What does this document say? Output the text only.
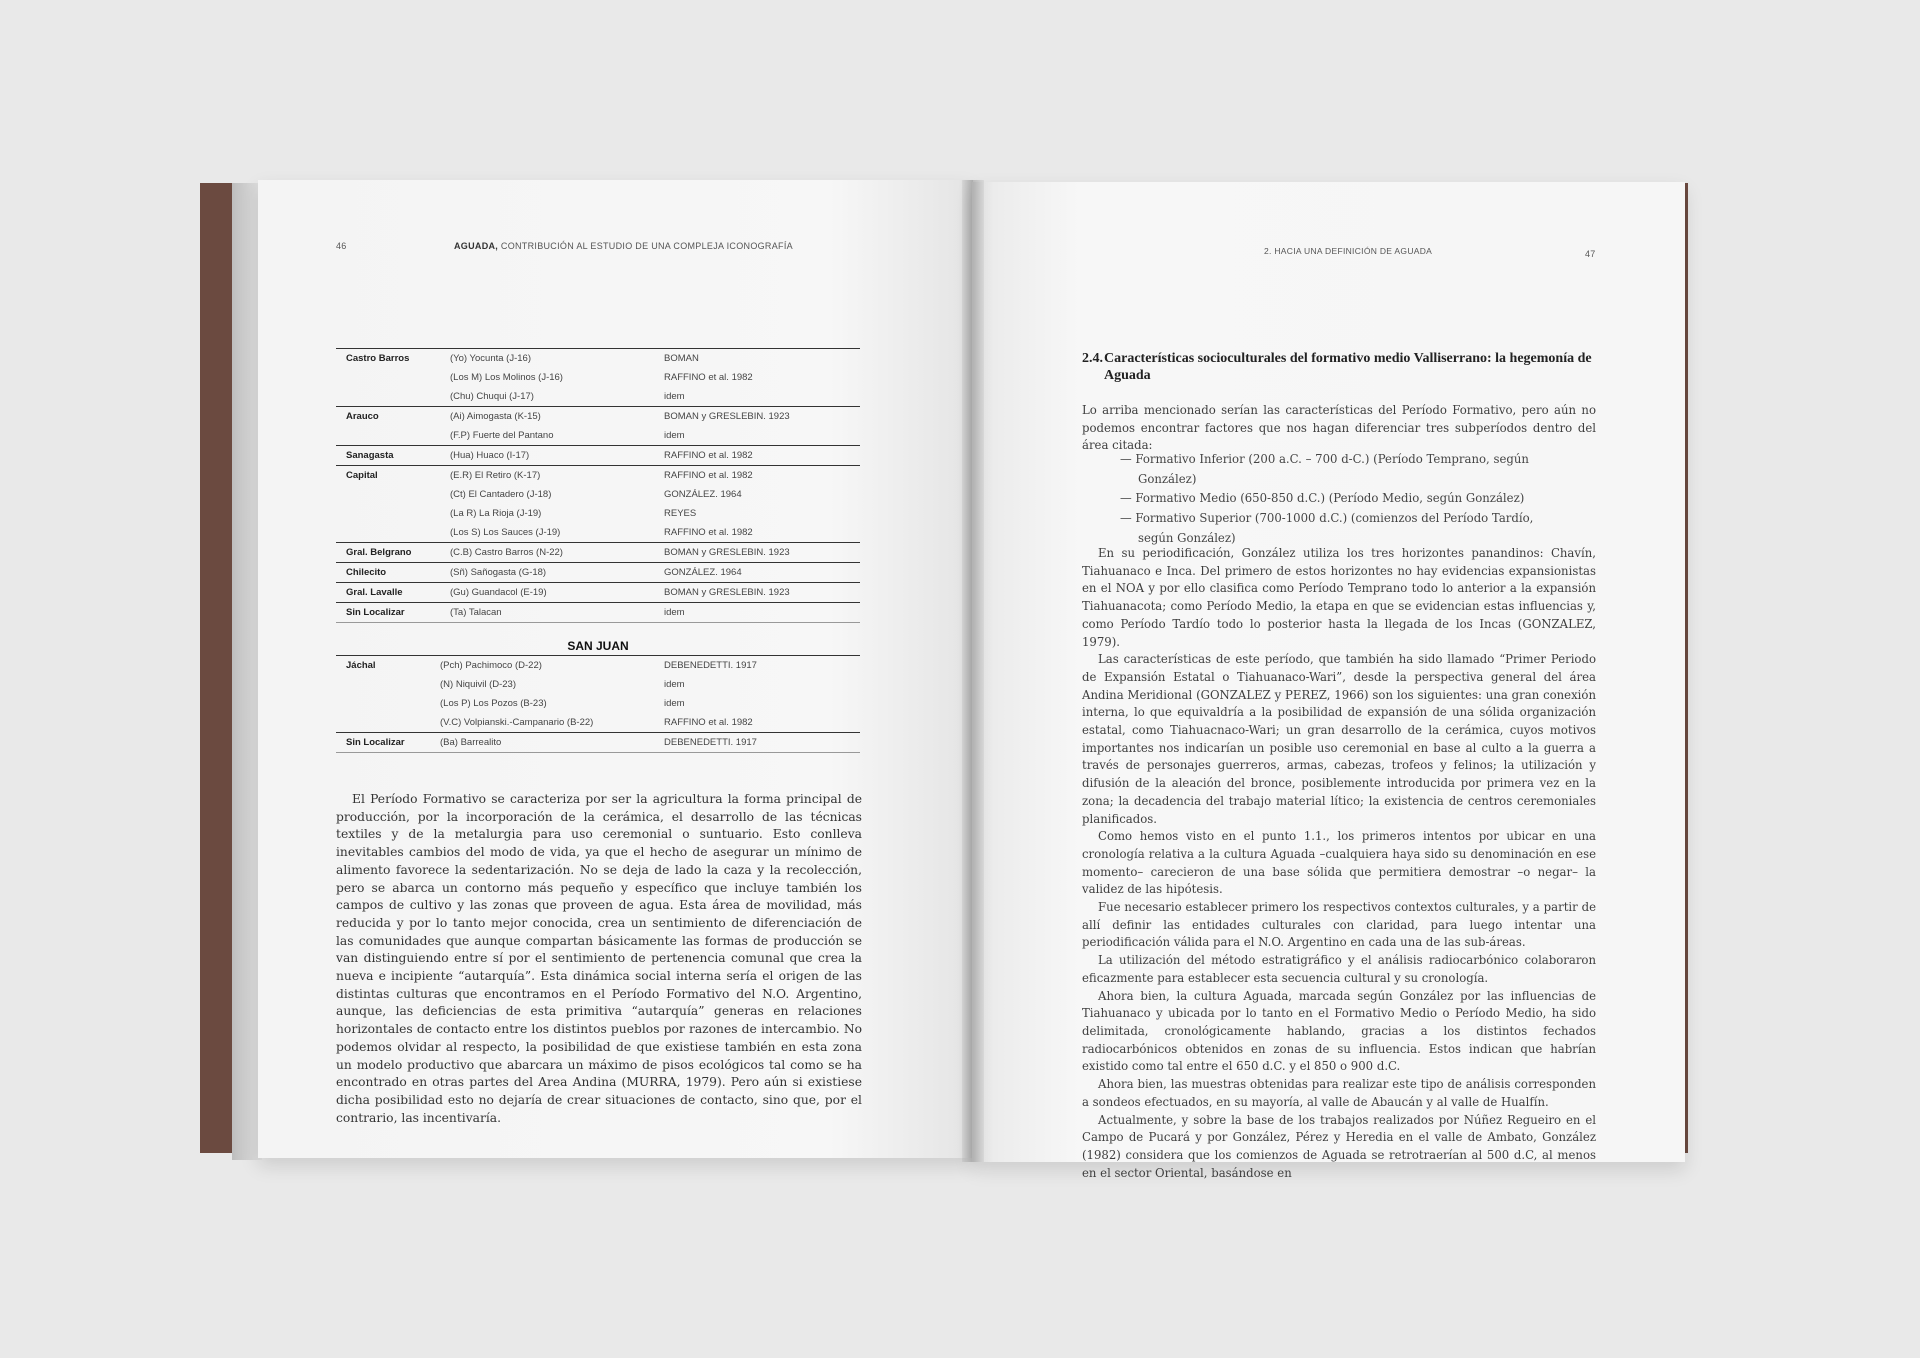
46	AGUADA, CONTRIBUCIÓN AL ESTUDIO DE UNA COMPLEJA ICONOGRAFÍA
Castro Barros	(Yo) Yocunta (J-16)	BOMAN
(Los M) Los Molinos (J-16)	RAFFINO et al. 1982
(Chu) Chuqui (J-17)	idem
Arauco	(Ai) Aimogasta (K-15)	BOMAN y GRESLEBIN. 1923
(F.P) Fuerte del Pantano	idem
Sanagasta	(Hua) Huaco (I-17)	RAFFINO et al. 1982
Capital	(E.R) El Retiro (K-17)	RAFFINO et al. 1982
(Ct) El Cantadero (J-18)	GONZÁLEZ. 1964
(La R) La Rioja (J-19)	REYES
(Los S) Los Sauces (J-19)	RAFFINO et al. 1982
Gral. Belgrano	(C.B) Castro Barros (N-22)	BOMAN y GRESLEBIN. 1923
Chilecito	(Sñ) Sañogasta (G-18)	GONZÁLEZ. 1964
Gral. Lavalle	(Gu) Guandacol (E-19)	BOMAN y GRESLEBIN. 1923
Sin Localizar	(Ta) Talacan	idem
SAN JUAN
Jáchal	(Pch) Pachimoco (D-22)	DEBENEDETTI. 1917
(N) Niquivil (D-23)	idem
(Los P) Los Pozos (B-23)	idem
(V.C) Volpianski.-Campanario (B-22)	RAFFINO et al. 1982
Sin Localizar	(Ba) Barrealito	DEBENEDETTI. 1917

El Período Formativo se caracteriza por ser la agricultura la forma principal de producción, por la incorporación de la cerámica, el desarrollo de las técnicas textiles y de la metalurgia para uso ceremonial o suntuario. Esto conlleva inevitables cambios del modo de vida, ya que el hecho de asegurar un mínimo de alimento favorece la sedentarización. No se deja de lado la caza y la recolección, pero se abarca un contorno más pequeño y específico que incluye también los campos de cultivo y las zonas que proveen de agua. Esta área de movilidad, más reducida y por lo tanto mejor conocida, crea un sentimiento de diferenciación de las comunidades que aunque compartan básicamente las formas de producción se van distinguiendo entre sí por el sentimiento de pertenencia comunal que crea la nueva e incipiente “autarquía”. Esta dinámica social interna sería el origen de las distintas culturas que encontramos en el Período Formativo del N.O. Argentino, aunque, las deficiencias de esta primitiva “autarquía” generas en relaciones horizontales de contacto entre los distintos pueblos por razones de intercambio. No podemos olvidar al respecto, la posibilidad de que existiese también en esta zona un modelo productivo que abarcara un máximo de pisos ecológicos tal como se ha encontrado en otras partes del Area Andina (MURRA, 1979). Pero aún si existiese dicha posibilidad esto no dejaría de crear situaciones de contacto, sino que, por el contrario, las incentivaría.

2. HACIA UNA DEFINICIÓN DE AGUADA	47
2.4.Características socioculturales del formativo medio Valliserrano: la hegemonía de
Aguada

Lo arriba mencionado serían las características del Período Formativo, pero aún no podemos encontrar factores que nos hagan diferenciar tres subperíodos dentro del área citada:

— Formativo Inferior (200 a.C. – 700 d-C.) (Período Temprano, según González)
— Formativo Medio (650-850 d.C.) (Período Medio, según González)
— Formativo Superior (700-1000 d.C.) (comienzos del Período Tardío, según González)

En su periodificación, González utiliza los tres horizontes panandinos: Chavín, Tiahuanaco e Inca. Del primero de estos horizontes no hay evidencias expansionistas en el NOA y por ello clasifica como Período Temprano todo lo anterior a la expansión Tiahuanacota; como Período Medio, la etapa en que se evidencian estas influencias y, como Período Tardío todo lo posterior hasta la llegada de los Incas (GONZALEZ, 1979).

Las características de este período, que también ha sido llamado “Primer Periodo de Expansión Estatal o Tiahuanaco-Wari”, desde la perspectiva general del área Andina Meridional (GONZALEZ y PEREZ, 1966) son los siguientes: una gran conexión interna, lo que equivaldría a la posibilidad de expansión de una sólida organización estatal, como Tiahuacnaco-Wari; un gran desarrollo de la cerámica, cuyos motivos importantes nos indicarían un posible uso ceremonial en base al culto a la guerra a través de personajes guerreros, armas, cabezas, trofeos y felinos; la utilización y difusión de la aleación del bronce, posiblemente introducida por primera vez en la zona; la decadencia del trabajo material lítico; la existencia de centros ceremoniales planificados.

Como hemos visto en el punto 1.1., los primeros intentos por ubicar en una cronología relativa a la cultura Aguada –cualquiera haya sido su denominación en ese momento– carecieron de una base sólida que permitiera demostrar –o negar– la validez de las hipótesis.

Fue necesario establecer primero los respectivos contextos culturales, y a partir de allí definir las entidades culturales con claridad, para luego intentar una periodificación válida para el N.O. Argentino en cada una de las sub-áreas.

La utilización del método estratigráfico y el análisis radiocarbónico colaboraron eficazmente para establecer esta secuencia cultural y su cronología.

Ahora bien, la cultura Aguada, marcada según González por las influencias de Tiahuanaco y ubicada por lo tanto en el Formativo Medio o Período Medio, ha sido delimitada, cronológicamente hablando, gracias a los distintos fechados radiocarbónicos obtenidos en zonas de su influencia. Estos indican que habrían existido como tal entre el 650 d.C. y el 850 o 900 d.C.

Ahora bien, las muestras obtenidas para realizar este tipo de análisis corresponden a sondeos efectuados, en su mayoría, al valle de Abaucán y al valle de Hualfín.

Actualmente, y sobre la base de los trabajos realizados por Núñez Regueiro en el Campo de Pucará y por González, Pérez y Heredia en el valle de Ambato, González (1982) considera que los comienzos de Aguada se retrotraerían al 500 d.C, al menos en el sector Oriental, basándose en
